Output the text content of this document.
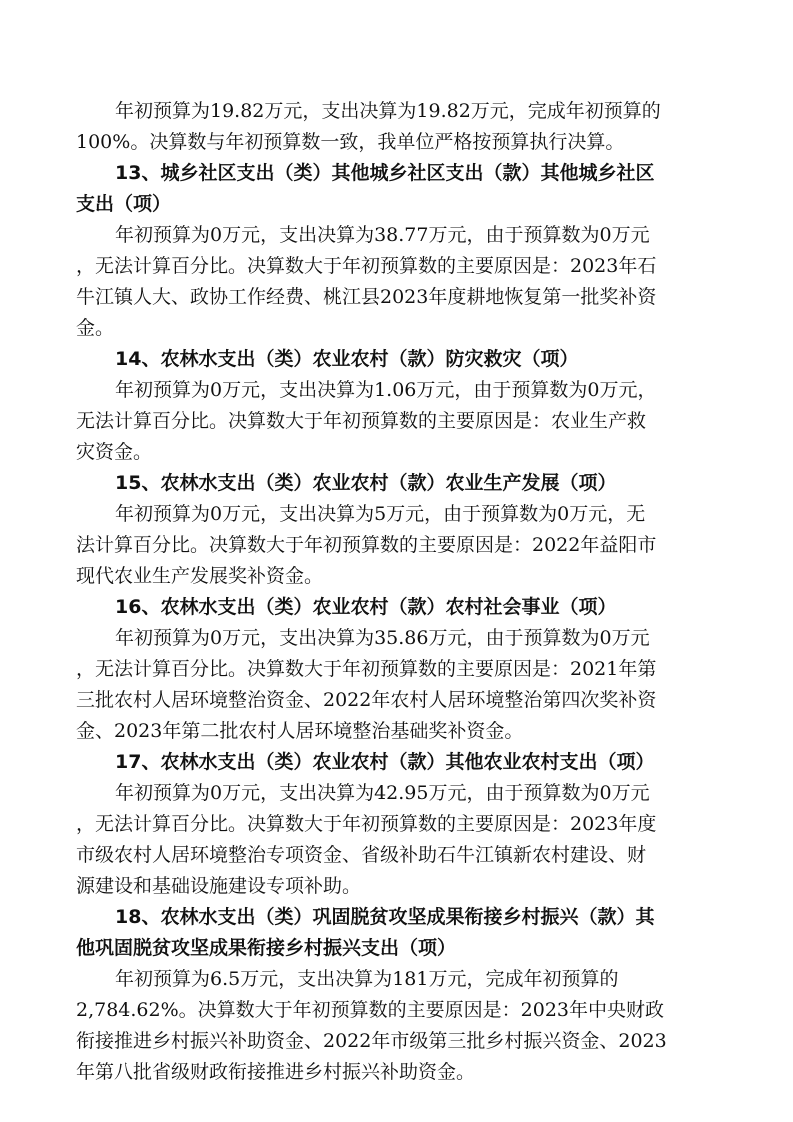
年初预算为19.82万元，支出决算为19.82万元，完成年初预算的
100%。决算数与年初预算数一致，我单位严格按预算执行决算。
13、城乡社区支出（类）其他城乡社区支出（款）其他城乡社区
支出（项）
年初预算为0万元，支出决算为38.77万元，由于预算数为0万元
，无法计算百分比。决算数大于年初预算数的主要原因是：2023年石
牛江镇人大、政协工作经费、桃江县2023年度耕地恢复第一批奖补资
金。
14、农林水支出（类）农业农村（款）防灾救灾（项）
年初预算为0万元，支出决算为1.06万元，由于预算数为0万元，
无法计算百分比。决算数大于年初预算数的主要原因是：农业生产救
灾资金。
15、农林水支出（类）农业农村（款）农业生产发展（项）
年初预算为0万元，支出决算为5万元，由于预算数为0万元，无
法计算百分比。决算数大于年初预算数的主要原因是：2022年益阳市
现代农业生产发展奖补资金。
16、农林水支出（类）农业农村（款）农村社会事业（项）
年初预算为0万元，支出决算为35.86万元，由于预算数为0万元
，无法计算百分比。决算数大于年初预算数的主要原因是：2021年第
三批农村人居环境整治资金、2022年农村人居环境整治第四次奖补资
金、2023年第二批农村人居环境整治基础奖补资金。
17、农林水支出（类）农业农村（款）其他农业农村支出（项）
年初预算为0万元，支出决算为42.95万元，由于预算数为0万元
，无法计算百分比。决算数大于年初预算数的主要原因是：2023年度
市级农村人居环境整治专项资金、省级补助石牛江镇新农村建设、财
源建设和基础设施建设专项补助。
18、农林水支出（类）巩固脱贫攻坚成果衔接乡村振兴（款）其
他巩固脱贫攻坚成果衔接乡村振兴支出（项）
年初预算为6.5万元，支出决算为181万元，完成年初预算的
2,784.62%。决算数大于年初预算数的主要原因是：2023年中央财政
衔接推进乡村振兴补助资金、2022年市级第三批乡村振兴资金、2023
年第八批省级财政衔接推进乡村振兴补助资金。
